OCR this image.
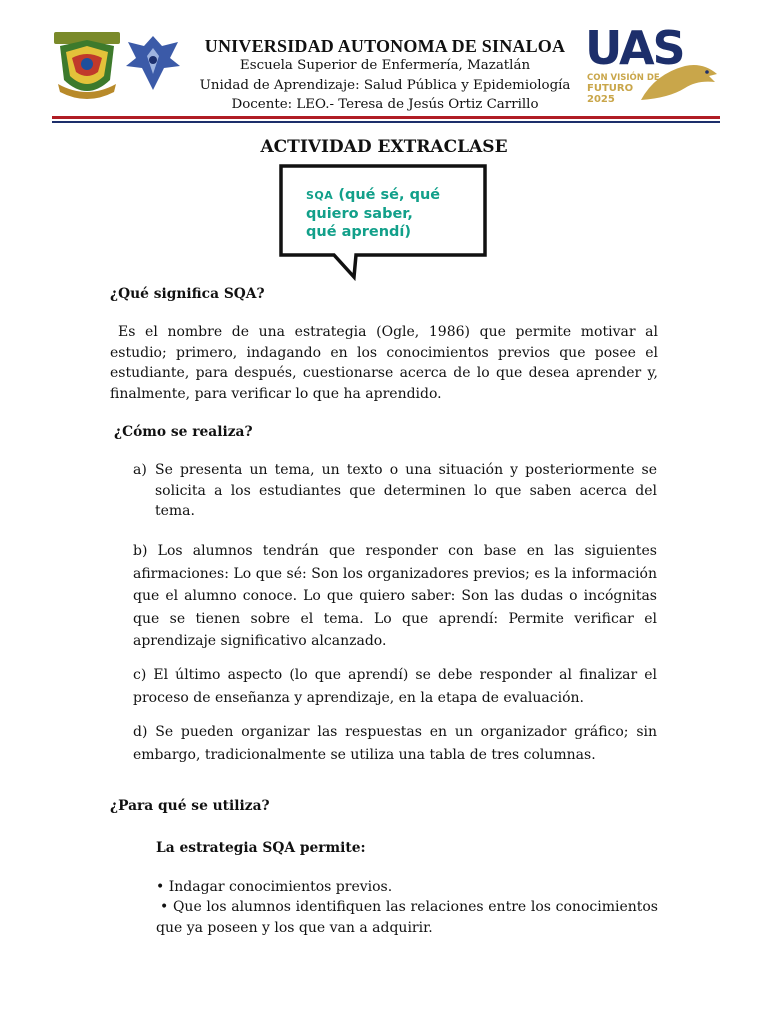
UAS
CON VISIÓN DE
FUTURO
2025
UNIVERSIDAD AUTONOMA DE SINALOA
Escuela Superior de Enfermería, Mazatlán
Unidad de Aprendizaje: Salud Pública y Epidemiología
Docente: LEO.- Teresa de Jesús Ortiz Carrillo
ACTIVIDAD EXTRACLASE
SQA (qué sé, qué
quiero saber,
qué aprendí)
¿Qué significa SQA?
Es el nombre de una estrategia (Ogle, 1986) que permite motivar al estudio; primero, indagando en los conocimientos previos que posee el estudiante, para después, cuestionarse acerca de lo que desea aprender y, finalmente, para verificar lo que ha aprendido.
¿Cómo se realiza?
a) Se presenta un tema, un texto o una situación y posteriormente se solicita a los estudiantes que determinen lo que saben acerca del tema.
b) Los alumnos tendrán que responder con base en las siguientes afirmaciones: Lo que sé: Son los organizadores previos; es la información que el alumno conoce. Lo que quiero saber: Son las dudas o incógnitas que se tienen sobre el tema. Lo que aprendí: Permite verificar el aprendizaje significativo alcanzado.
c) El último aspecto (lo que aprendí) se debe responder al finalizar el proceso de enseñanza y aprendizaje, en la etapa de evaluación.
d) Se pueden organizar las respuestas en un organizador gráfico; sin embargo, tradicionalmente se utiliza una tabla de tres columnas.
¿Para qué se utiliza?
La estrategia SQA permite:
• Indagar conocimientos previos.
• Que los alumnos identifiquen las relaciones entre los conocimientos que ya poseen y los que van a adquirir.
